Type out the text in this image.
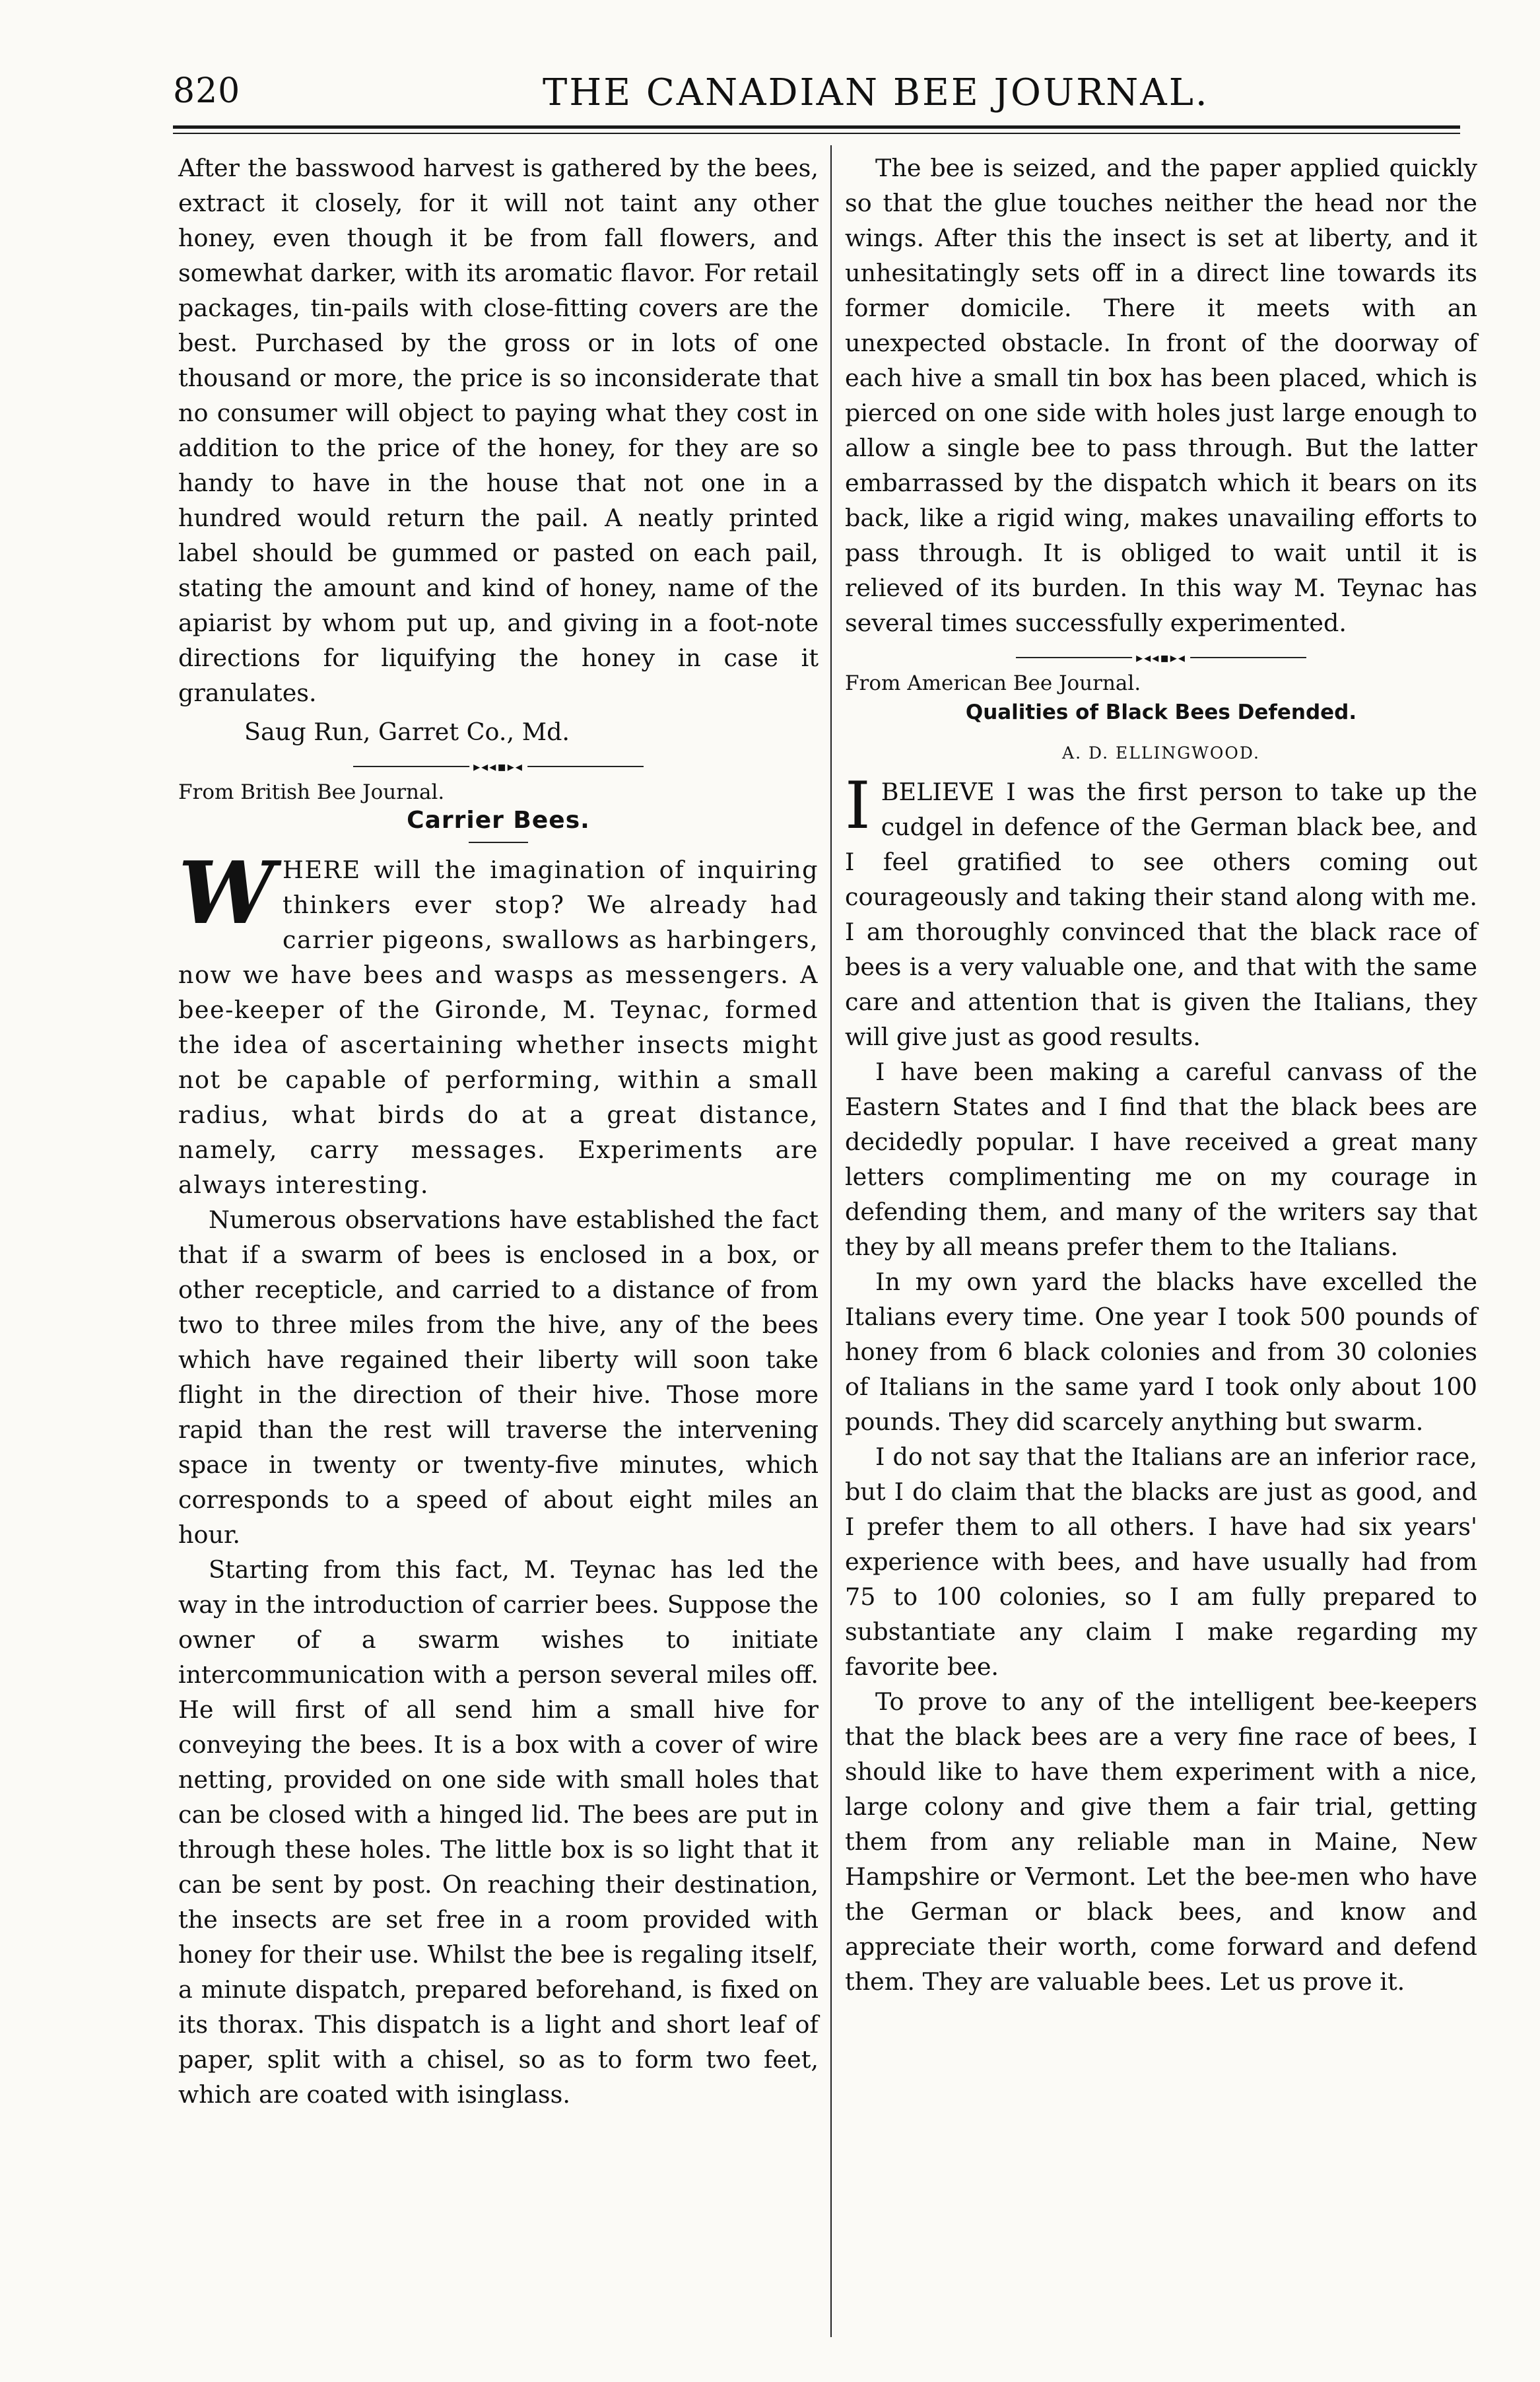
820	THE CANADIAN BEE JOURNAL.

After the basswood harvest is gathered by the bees, extract it closely, for it will not taint any other honey, even though it be from fall flowers, and somewhat darker, with its aromatic flavor. For retail packages, tin-pails with close-fitting covers are the best. Purchased by the gross or in lots of one thousand or more, the price is so inconsiderate that no consumer will object to paying what they cost in addition to the price of the honey, for they are so handy to have in the house that not one in a hundred would return the pail. A neatly printed label should be gummed or pasted on each pail, stating the amount and kind of honey, name of the apiarist by whom put up, and giving in a foot-note directions for liquifying the honey in case it granulates.

Saug Run, Garret Co., Md.

▸◂◂▪▸◂
From British Bee Journal.
Carrier Bees.

W HERE will the imagination of inquiring thinkers ever stop? We already had carrier pigeons, swallows as harbingers, now we have bees and wasps as messengers. A bee-keeper of the Gironde, M. Teynac, formed the idea of ascertaining whether insects might not be capable of performing, within a small radius, what birds do at a great distance, namely, carry messages. Experiments are always interesting.

Numerous observations have established the fact that if a swarm of bees is enclosed in a box, or other recepticle, and carried to a distance of from two to three miles from the hive, any of the bees which have regained their liberty will soon take flight in the direction of their hive. Those more rapid than the rest will traverse the intervening space in twenty or twenty-five minutes, which corresponds to a speed of about eight miles an hour.

Starting from this fact, M. Teynac has led the way in the introduction of carrier bees. Suppose the owner of a swarm wishes to initiate intercommunication with a person several miles off. He will first of all send him a small hive for conveying the bees. It is a box with a cover of wire netting, provided on one side with small holes that can be closed with a hinged lid. The bees are put in through these holes. The little box is so light that it can be sent by post. On reaching their destination, the insects are set free in a room provided with honey for their use. Whilst the bee is regaling itself, a minute dispatch, prepared beforehand, is fixed on its thorax. This dispatch is a light and short leaf of paper, split with a chisel, so as to form two feet, which are coated with isinglass.

The bee is seized, and the paper applied quickly so that the glue touches neither the head nor the wings. After this the insect is set at liberty, and it unhesitatingly sets off in a direct line towards its former domicile. There it meets with an unexpected obstacle. In front of the doorway of each hive a small tin box has been placed, which is pierced on one side with holes just large enough to allow a single bee to pass through. But the latter embarrassed by the dispatch which it bears on its back, like a rigid wing, makes unavailing efforts to pass through. It is obliged to wait until it is relieved of its burden. In this way M. Teynac has several times successfully experimented.

▸◂◂▪▸◂
From American Bee Journal.
Qualities of Black Bees Defended.
A. D. ELLINGWOOD.

I BELIEVE I was the first person to take up the cudgel in defence of the German black bee, and I feel gratified to see others coming out courageously and taking their stand along with me. I am thoroughly convinced that the black race of bees is a very valuable one, and that with the same care and attention that is given the Italians, they will give just as good results.

I have been making a careful canvass of the Eastern States and I find that the black bees are decidedly popular. I have received a great many letters complimenting me on my courage in defending them, and many of the writers say that they by all means prefer them to the Italians.

In my own yard the blacks have excelled the Italians every time. One year I took 500 pounds of honey from 6 black colonies and from 30 colonies of Italians in the same yard I took only about 100 pounds. They did scarcely anything but swarm.

I do not say that the Italians are an inferior race, but I do claim that the blacks are just as good, and I prefer them to all others. I have had six years' experience with bees, and have usually had from 75 to 100 colonies, so I am fully prepared to substantiate any claim I make regarding my favorite bee.

To prove to any of the intelligent bee-keepers that the black bees are a very fine race of bees, I should like to have them experiment with a nice, large colony and give them a fair trial, getting them from any reliable man in Maine, New Hampshire or Vermont. Let the bee-men who have the German or black bees, and know and appreciate their worth, come forward and defend them. They are valuable bees. Let us prove it.
